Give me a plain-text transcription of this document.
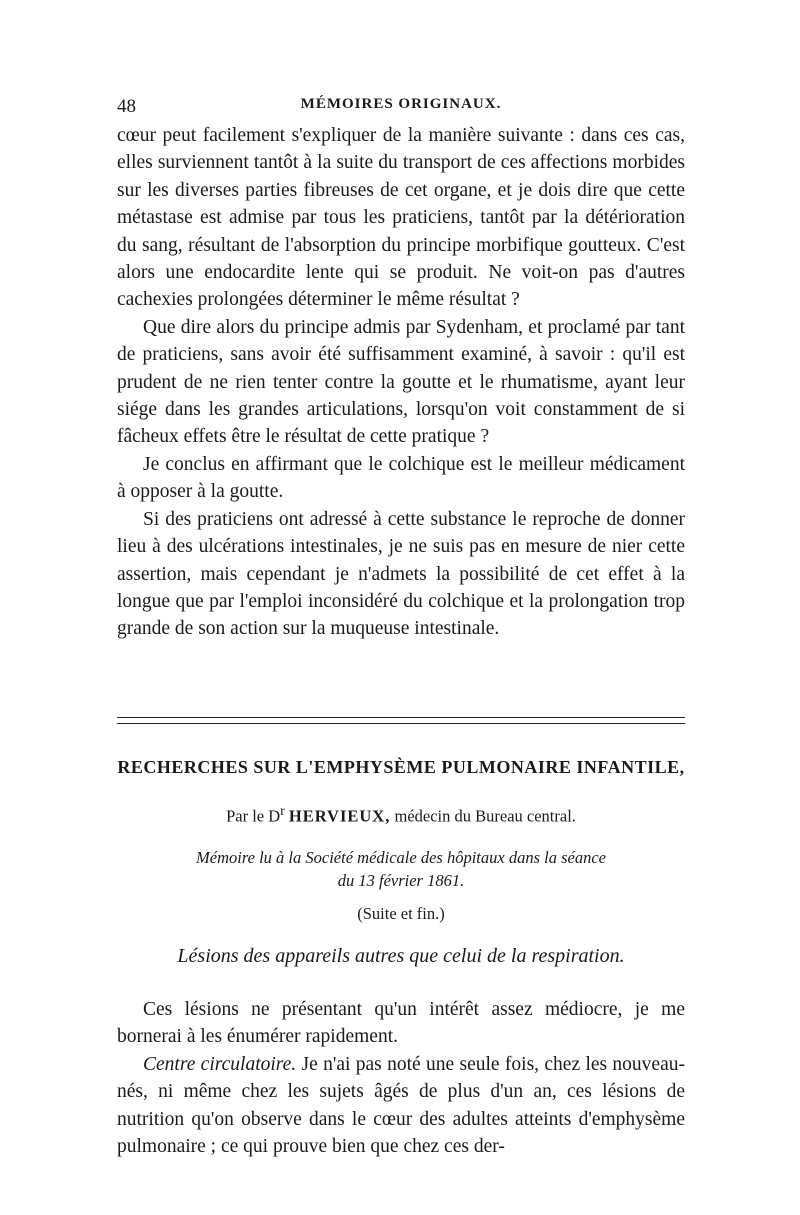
48	MÉMOIRES ORIGINAUX.

cœur peut facilement s'expliquer de la manière suivante : dans ces cas, elles surviennent tantôt à la suite du transport de ces affections morbides sur les diverses parties fibreuses de cet organe, et je dois dire que cette métastase est admise par tous les praticiens, tantôt par la détérioration du sang, résultant de l'absorption du principe morbifique goutteux. C'est alors une endocardite lente qui se produit. Ne voit-on pas d'autres cachexies prolongées déterminer le même résultat ?

Que dire alors du principe admis par Sydenham, et proclamé par tant de praticiens, sans avoir été suffisamment examiné, à savoir : qu'il est prudent de ne rien tenter contre la goutte et le rhumatisme, ayant leur siége dans les grandes articulations, lorsqu'on voit constamment de si fâcheux effets être le résultat de cette pratique ?

Je conclus en affirmant que le colchique est le meilleur médicament à opposer à la goutte.

Si des praticiens ont adressé à cette substance le reproche de donner lieu à des ulcérations intestinales, je ne suis pas en mesure de nier cette assertion, mais cependant je n'admets la possibilité de cet effet à la longue que par l'emploi inconsidéré du colchique et la prolongation trop grande de son action sur la muqueuse intestinale.

RECHERCHES SUR L'EMPHYSÈME PULMONAIRE INFANTILE,
Par le $D^r$ HERVIEUX, médecin du Bureau central.
Mémoire lu à la Société médicale des hôpitaux dans la séance
du 13 février 1861.
(Suite et fin.)
Lésions des appareils autres que celui de la respiration.

Ces lésions ne présentant qu'un intérêt assez médiocre, je me bornerai à les énumérer rapidement.

Centre circulatoire. Je n'ai pas noté une seule fois, chez les nouveau-nés, ni même chez les sujets âgés de plus d'un an, ces lésions de nutrition qu'on observe dans le cœur des adultes atteints d'emphysème pulmonaire ; ce qui prouve bien que chez ces der-
